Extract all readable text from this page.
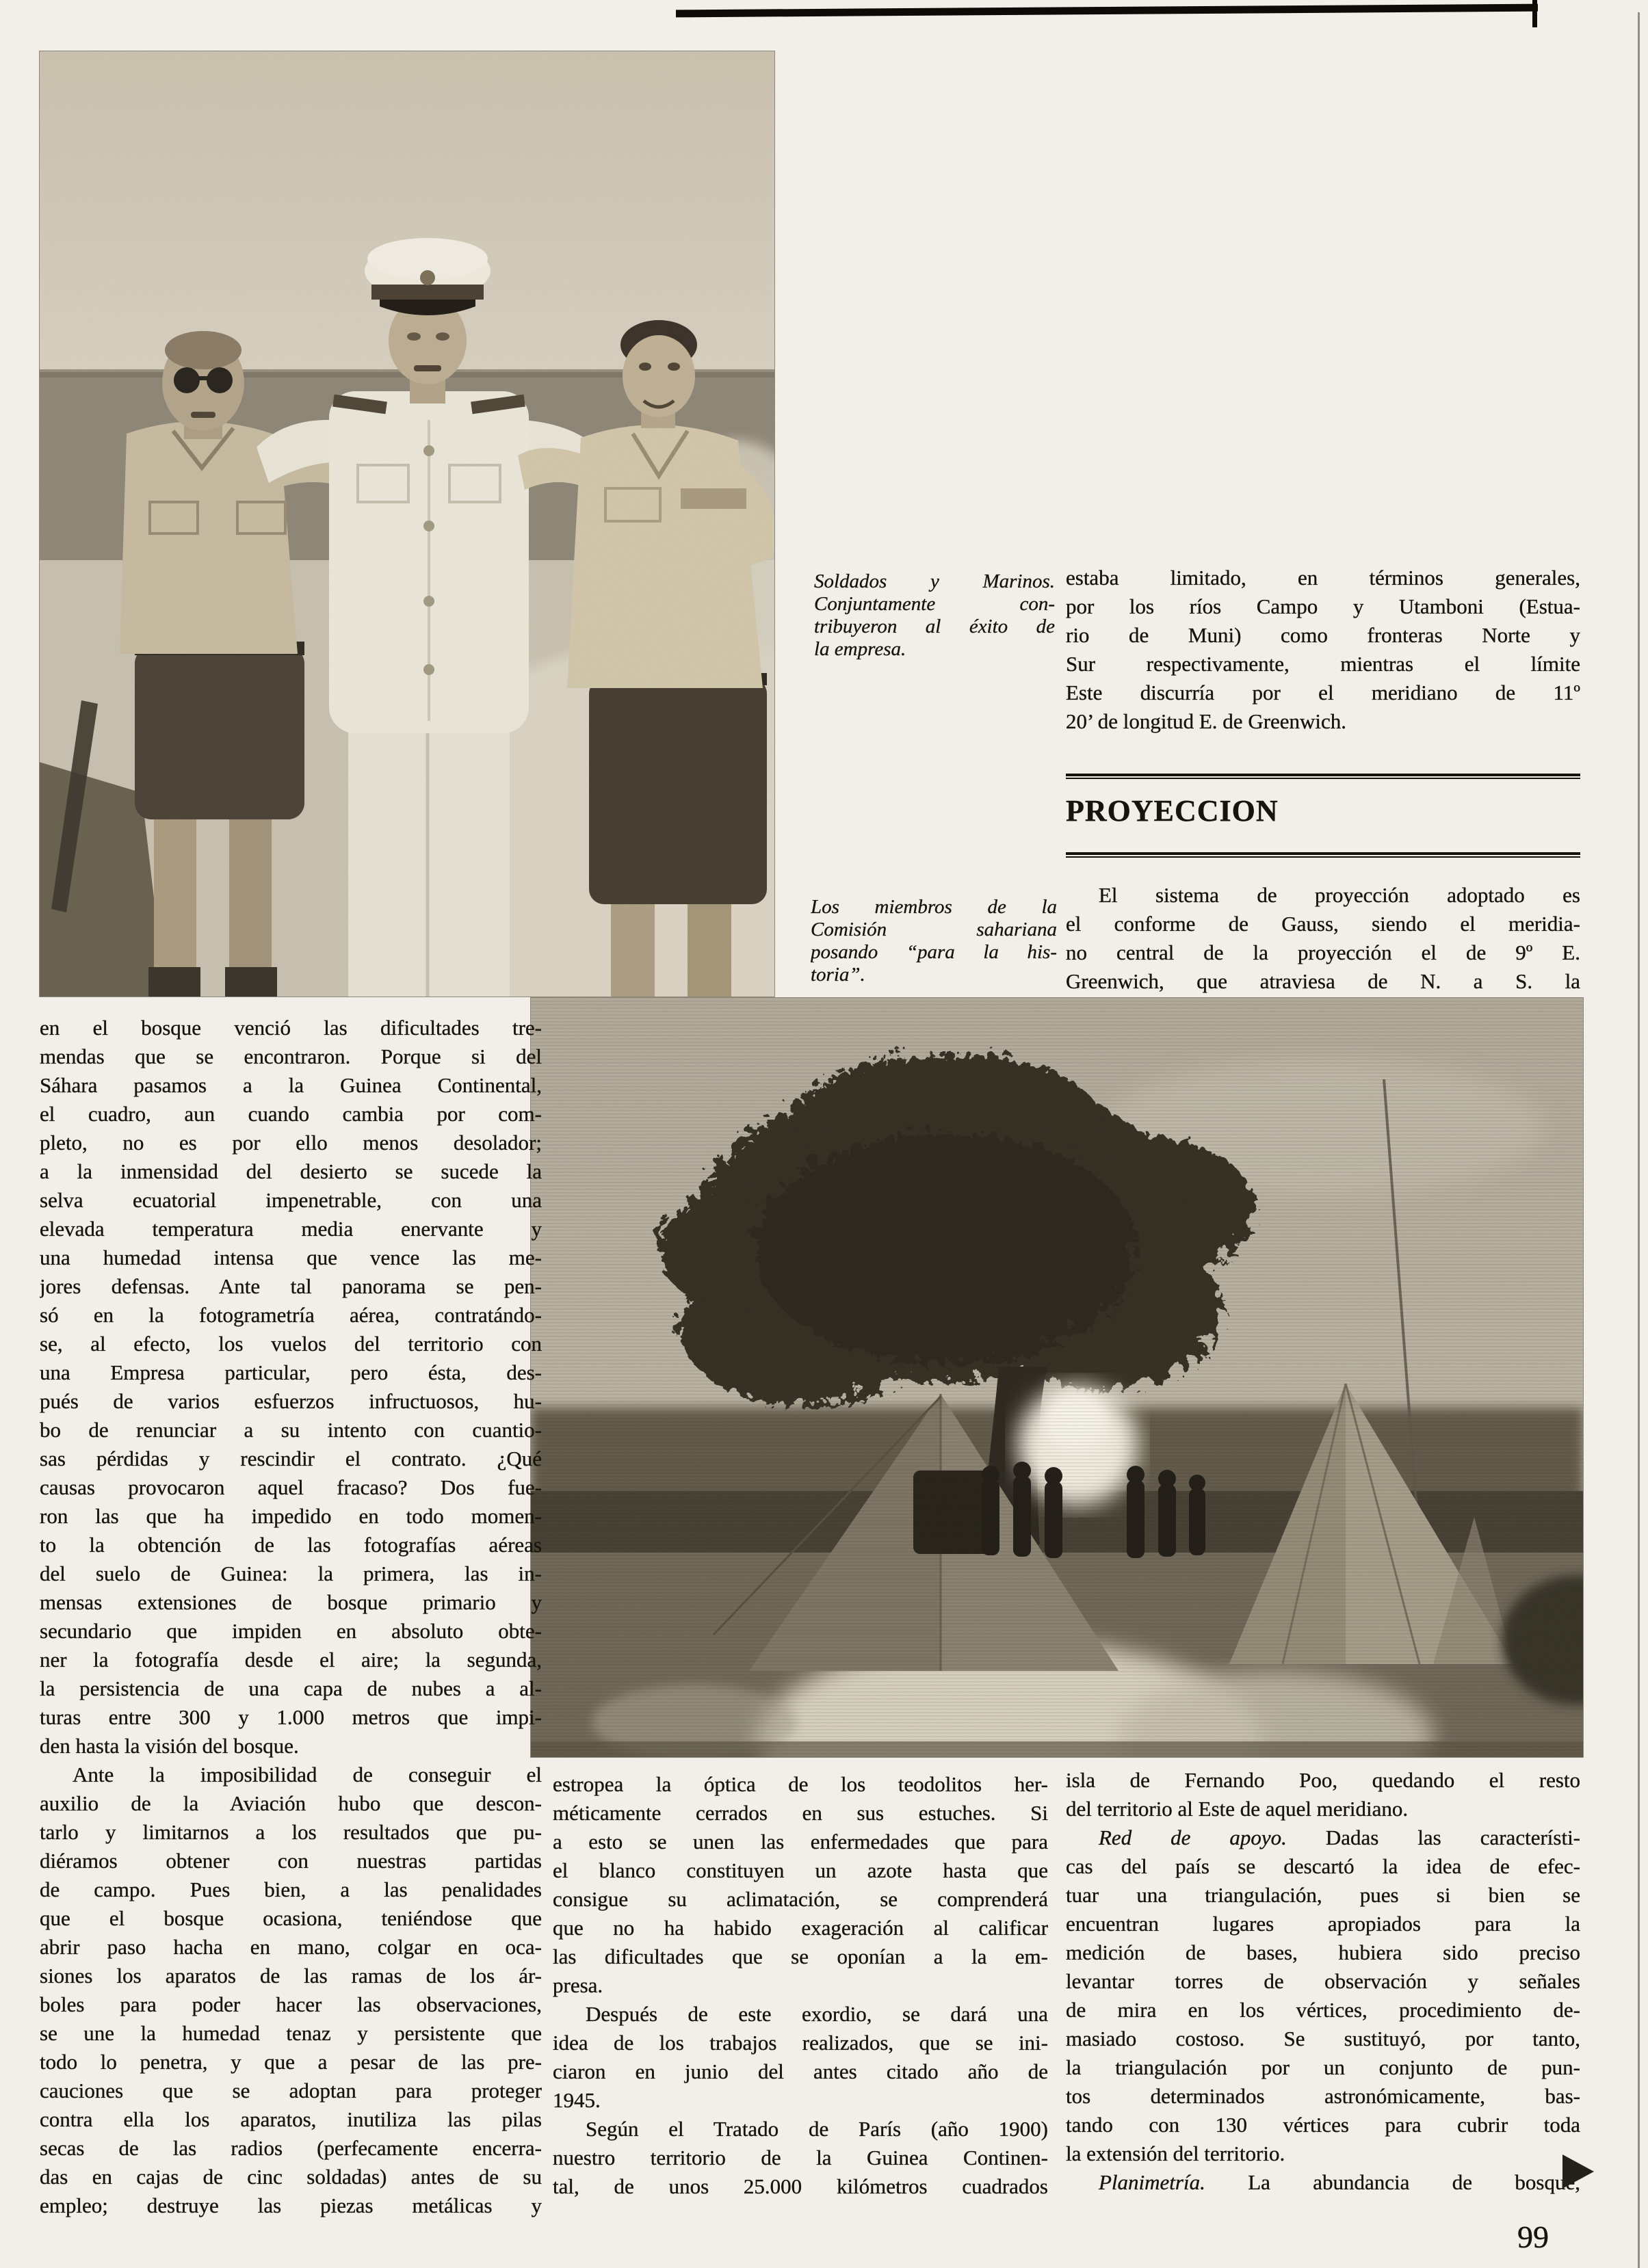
Soldados y Marinos.
Conjuntamente con-
tribuyeron al éxito de
la empresa.
estaba limitado, en términos generales,
por los ríos Campo y Utamboni (Estua-
rio de Muni) como fronteras Norte y
Sur respectivamente, mientras el límite
Este discurría por el meridiano de 11º
20’ de longitud E. de Greenwich.
PROYECCION
El sistema de proyección adoptado es
el conforme de Gauss, siendo el meridia-
no central de la proyección el de 9º E.
Greenwich, que atraviesa de N. a S. la
Los miembros de la
Comisión sahariana
posando “para la his-
toria”.
en el bosque venció las dificultades tre-
mendas que se encontraron. Porque si del
Sáhara pasamos a la Guinea Continental,
el cuadro, aun cuando cambia por com-
pleto, no es por ello menos desolador;
a la inmensidad del desierto se sucede la
selva ecuatorial impenetrable, con una
elevada temperatura media enervante y
una humedad intensa que vence las me-
jores defensas. Ante tal panorama se pen-
só en la fotogrametría aérea, contratándo-
se, al efecto, los vuelos del territorio con
una Empresa particular, pero ésta, des-
pués de varios esfuerzos infructuosos, hu-
bo de renunciar a su intento con cuantio-
sas pérdidas y rescindir el contrato. ¿Qué
causas provocaron aquel fracaso? Dos fue-
ron las que ha impedido en todo momen-
to la obtención de las fotografías aéreas
del suelo de Guinea: la primera, las in-
mensas extensiones de bosque primario y
secundario que impiden en absoluto obte-
ner la fotografía desde el aire; la segunda,
la persistencia de una capa de nubes a al-
turas entre 300 y 1.000 metros que impi-
den hasta la visión del bosque.
Ante la imposibilidad de conseguir el
auxilio de la Aviación hubo que descon-
tarlo y limitarnos a los resultados que pu-
diéramos obtener con nuestras partidas
de campo. Pues bien, a las penalidades
que el bosque ocasiona, teniéndose que
abrir paso hacha en mano, colgar en oca-
siones los aparatos de las ramas de los ár-
boles para poder hacer las observaciones,
se une la humedad tenaz y persistente que
todo lo penetra, y que a pesar de las pre-
cauciones que se adoptan para proteger
contra ella los aparatos, inutiliza las pilas
secas de las radios (perfecamente encerra-
das en cajas de cinc soldadas) antes de su
empleo; destruye las piezas metálicas y
estropea la óptica de los teodolitos her-
méticamente cerrados en sus estuches. Si
a esto se unen las enfermedades que para
el blanco constituyen un azote hasta que
consigue su aclimatación, se comprenderá
que no ha habido exageración al calificar
las dificultades que se oponían a la em-
presa.
Después de este exordio, se dará una
idea de los trabajos realizados, que se ini-
ciaron en junio del antes citado año de
1945.
Según el Tratado de París (año 1900)
nuestro territorio de la Guinea Continen-
tal, de unos 25.000 kilómetros cuadrados
isla de Fernando Poo, quedando el resto
del territorio al Este de aquel meridiano.
Red de apoyo. Dadas las característi-
cas del país se descartó la idea de efec-
tuar una triangulación, pues si bien se
encuentran lugares apropiados para la
medición de bases, hubiera sido preciso
levantar torres de observación y señales
de mira en los vértices, procedimiento de-
masiado costoso. Se sustituyó, por tanto,
la triangulación por un conjunto de pun-
tos determinados astronómicamente, bas-
tando con 130 vértices para cubrir toda
la extensión del territorio.
Planimetría. La abundancia de bosque,
99
